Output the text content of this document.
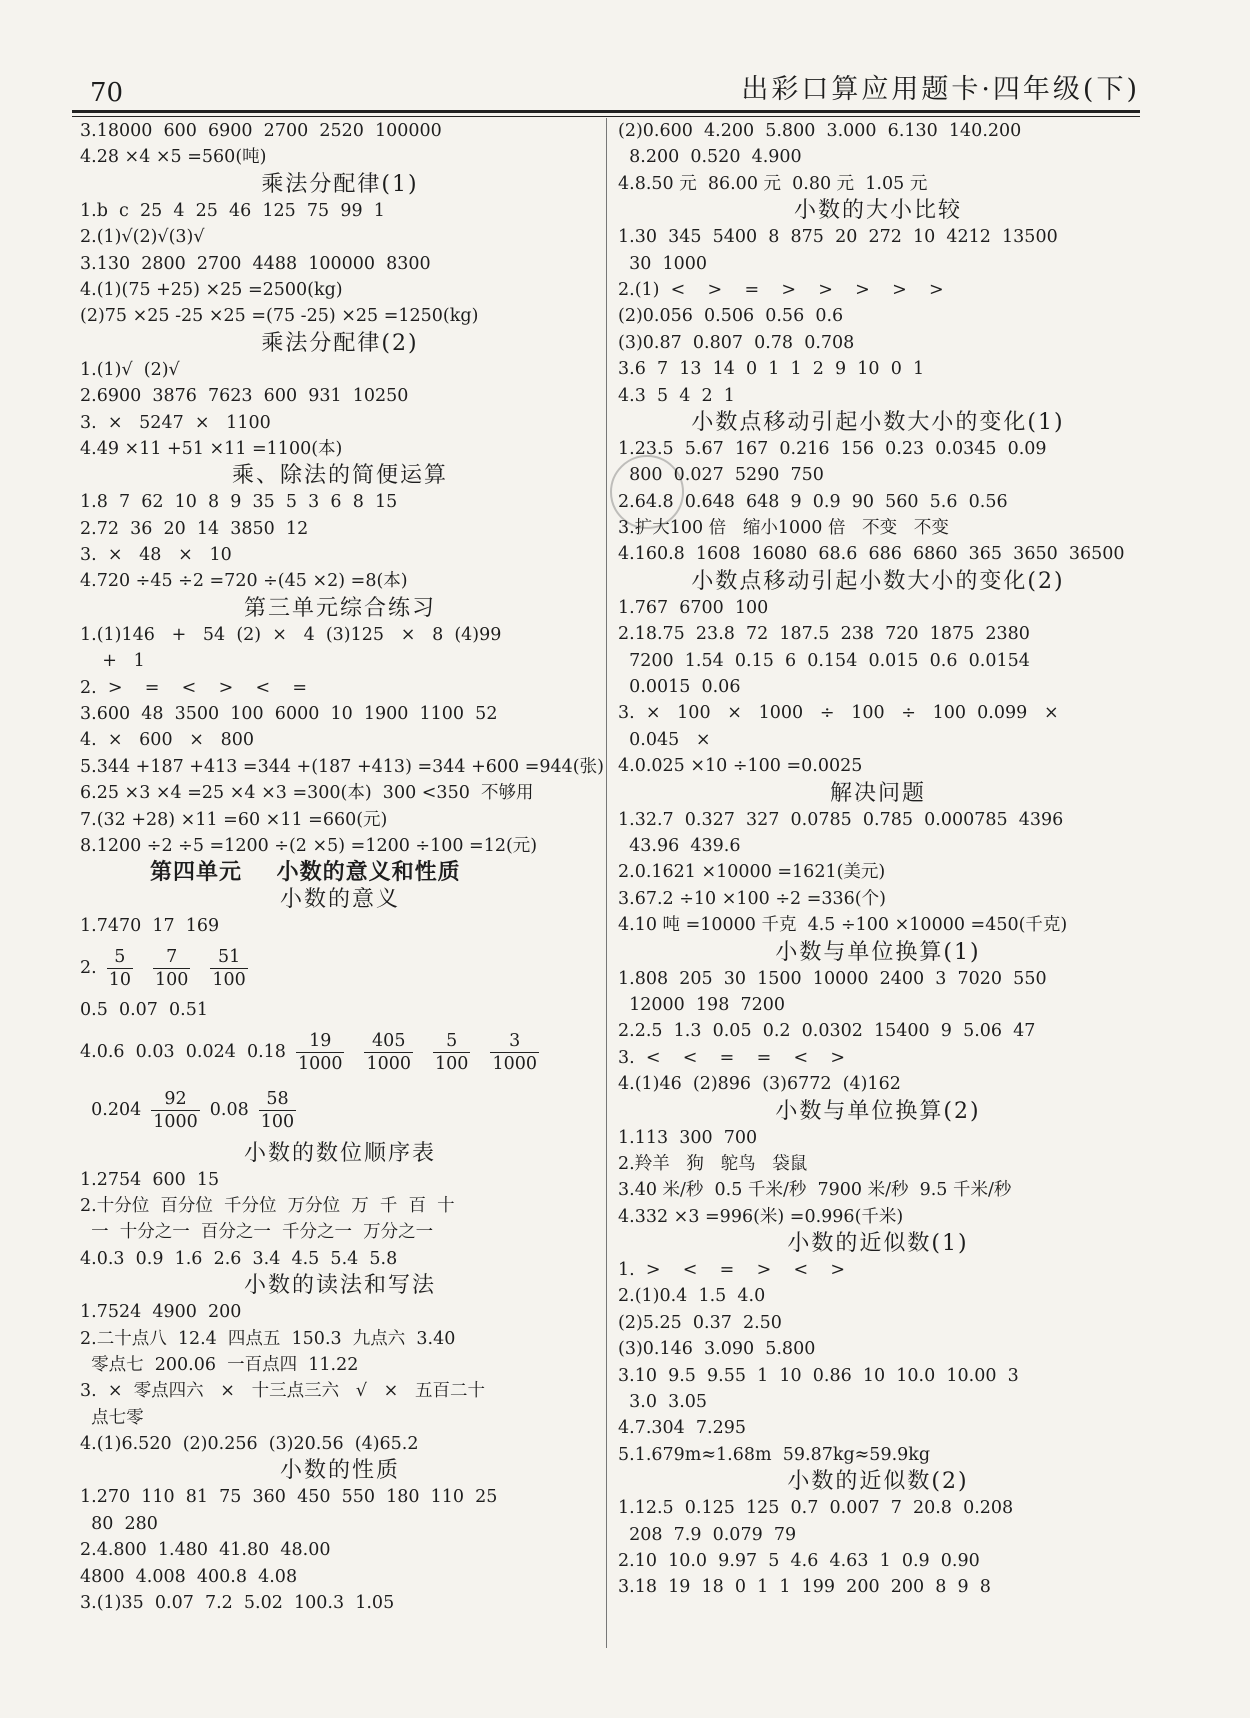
70	出彩口算应用题卡·四年级(下)
3.18000  600  6900  2700  2520  100000
4.28 ×4 ×5 =560(吨)
乘法分配律(1)
1.b  c  25  4  25  46  125  75  99  1
2.(1)√(2)√(3)√
3.130  2800  2700  4488  100000  8300
4.(1)(75 +25) ×25 =2500(kg)
(2)75 ×25 -25 ×25 =(75 -25) ×25 =1250(kg)
乘法分配律(2)
1.(1)√  (2)√
2.6900  3876  7623  600  931  10250
3.  ×   5247  ×   1100
4.49 ×11 +51 ×11 =1100(本)
乘、除法的简便运算
1.8  7  62  10  8  9  35  5  3  6  8  15
2.72  36  20  14  3850  12
3.  ×   48   ×   10
4.720 ÷45 ÷2 =720 ÷(45 ×2) =8(本)
第三单元综合练习
1.(1)146   +   54  (2)  ×   4  (3)125   ×   8  (4)99
+   1
2.  >    =    <    >    <    =
3.600  48  3500  100  6000  10  1900  1100  52
4.  ×   600   ×   800
5.344 +187 +413 =344 +(187 +413) =344 +600 =944(张)
6.25 ×3 ×4 =25 ×4 ×3 =300(本)  300 <350  不够用
7.(32 +28) ×11 =60 ×11 =660(元)
8.1200 ÷2 ÷5 =1200 ÷(2 ×5) =1200 ÷100 =12(元)
第四单元    小数的意义和性质
小数的意义
1.7470  17  169
2. $\frac{5}{10} \frac{7}{100} \frac{51}{100}$
0.5  0.07  0.51
4.0.6  0.03  0.024  $0.18 \frac{19}{1000} \frac{405}{1000} \frac{5}{100} \frac{3}{1000}$
$0.204 \frac{92}{1000} 0.08 \frac{58}{100}$
小数的数位顺序表
1.2754  600  15
2.十分位  百分位  千分位  万分位  万  千  百  十
一  十分之一  百分之一  千分之一  万分之一
4.0.3  0.9  1.6  2.6  3.4  4.5  5.4  5.8
小数的读法和写法
1.7524  4900  200
2.二十点八  12.4  四点五  150.3  九点六  3.40
零点七  200.06  一百点四  11.22
3.  ×  零点四六   ×   十三点三六   √   ×   五百二十
点七零
4.(1)6.520  (2)0.256  (3)20.56  (4)65.2
小数的性质
1.270  110  81  75  360  450  550  180  110  25
80  280
2.4.800  1.480  41.80  48.00
4800  4.008  400.8  4.08
3.(1)35  0.07  7.2  5.02  100.3  1.05
(2)0.600  4.200  5.800  3.000  6.130  140.200
8.200  0.520  4.900
4.8.50 元  86.00 元  0.80 元  1.05 元
小数的大小比较
1.30  345  5400  8  875  20  272  10  4212  13500
30  1000
2.(1)  <    >    =    >    >    >    >    >
(2)0.056  0.506  0.56  0.6
(3)0.87  0.807  0.78  0.708
3.6  7  13  14  0  1  1  2  9  10  0  1
4.3  5  4  2  1
小数点移动引起小数大小的变化(1)
1.23.5  5.67  167  0.216  156  0.23  0.0345  0.09
800  0.027  5290  750
2.64.8  0.648  648  9  0.9  90  560  5.6  0.56
3.扩大100 倍   缩小1000 倍   不变   不变
4.160.8  1608  16080  68.6  686  6860  365  3650  36500
小数点移动引起小数大小的变化(2)
1.767  6700  100
2.18.75  23.8  72  187.5  238  720  1875  2380
7200  1.54  0.15  6  0.154  0.015  0.6  0.0154
0.0015  0.06
3.  ×   100   ×   1000   ÷   100   ÷   100  0.099   ×
0.045   ×
4.0.025 ×10 ÷100 =0.0025
解决问题
1.32.7  0.327  327  0.0785  0.785  0.000785  4396
43.96  439.6
2.0.1621 ×10000 =1621(美元)
3.67.2 ÷10 ×100 ÷2 =336(个)
4.10 吨 =10000 千克  4.5 ÷100 ×10000 =450(千克)
小数与单位换算(1)
1.808  205  30  1500  10000  2400  3  7020  550
12000  198  7200
2.2.5  1.3  0.05  0.2  0.0302  15400  9  5.06  47
3.  <    <    =    =    <    >
4.(1)46  (2)896  (3)6772  (4)162
小数与单位换算(2)
1.113  300  700
2.羚羊   狗   鸵鸟   袋鼠
3.40 米/秒  0.5 千米/秒  7900 米/秒  9.5 千米/秒
4.332 ×3 =996(米) =0.996(千米)
小数的近似数(1)
1.  >    <    =    >    <    >
2.(1)0.4  1.5  4.0
(2)5.25  0.37  2.50
(3)0.146  3.090  5.800
3.10  9.5  9.55  1  10  0.86  10  10.0  10.00  3
3.0  3.05
4.7.304  7.295
5.1.679m≈1.68m  59.87kg≈59.9kg
小数的近似数(2)
1.12.5  0.125  125  0.7  0.007  7  20.8  0.208
208  7.9  0.079  79
2.10  10.0  9.97  5  4.6  4.63  1  0.9  0.90
3.18  19  18  0  1  1  199  200  200  8  9  8
